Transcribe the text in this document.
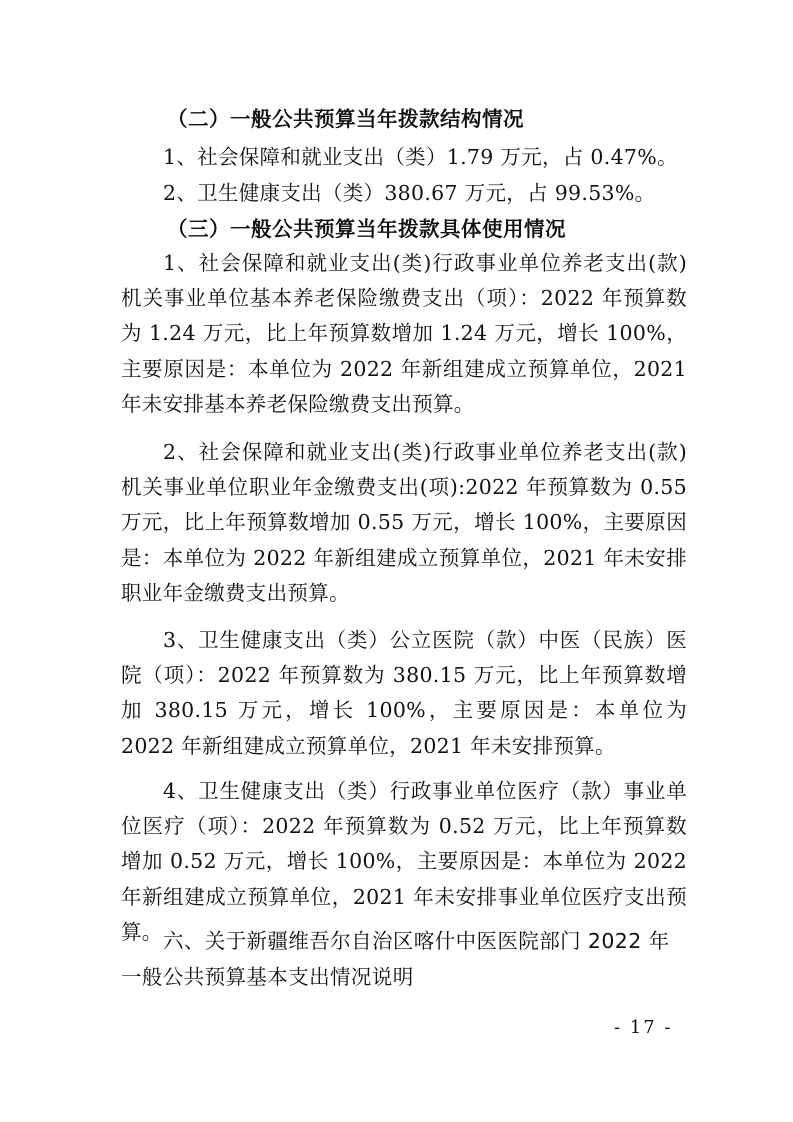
（二）一般公共预算当年拨款结构情况
1、社会保障和就业支出（类）1.79 万元，占 0.47%。
2、卫生健康支出（类）380.67 万元，占 99.53%。
（三）一般公共预算当年拨款具体使用情况
1、社会保障和就业支出(类)行政事业单位养老支出(款)机关事业单位基本养老保险缴费支出（项）：2022 年预算数为 1.24 万元，比上年预算数增加 1.24 万元，增长 100%，主要原因是：本单位为 2022 年新组建成立预算单位，2021 年未安排基本养老保险缴费支出预算。
2、社会保障和就业支出(类)行政事业单位养老支出(款)机关事业单位职业年金缴费支出(项):2022 年预算数为 0.55 万元，比上年预算数增加 0.55 万元，增长 100%，主要原因是：本单位为 2022 年新组建成立预算单位，2021 年未安排职业年金缴费支出预算。
3、卫生健康支出（类）公立医院（款）中医（民族）医院（项）：2022 年预算数为 380.15 万元，比上年预算数增加 380.15 万元，增长 100%，主要原因是：本单位为 2022 年新组建成立预算单位，2021 年未安排预算。
4、卫生健康支出（类）行政事业单位医疗（款）事业单位医疗（项）：2022 年预算数为 0.52 万元，比上年预算数增加 0.52 万元，增长 100%，主要原因是：本单位为 2022 年新组建成立预算单位，2021 年未安排事业单位医疗支出预算。 六、关于新疆维吾尔自治区喀什中医医院部门 2022 年一般公共预算基本支出情况说明
- 17 -
